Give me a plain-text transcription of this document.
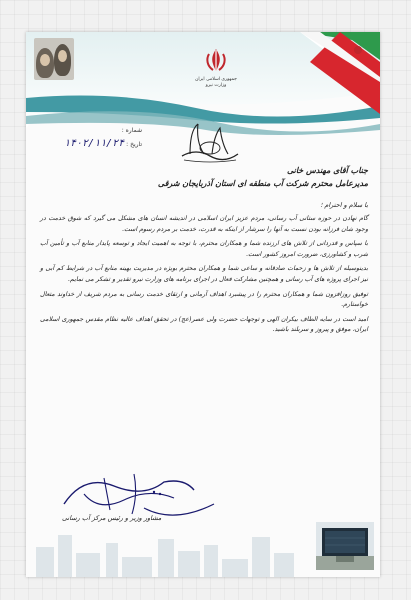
جمهوری اسلامی ایران
وزارت نیرو
شماره :
تاریخ : ۱۴۰۲/۱۱/۲۴
جناب آقای مهندس خانی
مدیرعامل محترم شرکت آب منطقه ای استان آذربایجان شرقی
با سلام و احترام ؛
گام نهادن در حوزه ستانی آب رسانی، مردم عزیز ایران اسلامی در اندیشه انسان های مشکل می گیرد که شوق خدمت در وجود شان فرزانه بودن نسبت به آنها را سرشار از اینکه به قدرت، خدمت بر مردم رسوم است.
با سپاس و قدردانی از تلاش های ارزنده شما و همکاران محترم، با توجه به اهمیت ایجاد و توسعه پایدار منابع آب و تأمین آب شرب و کشاورزی، ضرورت امروز کشور است.
بدینوسیله از تلاش ها و زحمات صادقانه و ساعی شما و همکاران محترم بویژه در مدیریت بهینه منابع آب در شرایط کم آبی و نیز اجرای پروژه های آب رسانی و همچنین مشارکت فعال در اجرای برنامه های وزارت نیرو تقدیر و تشکر می نمایم.
توفیق روزافزون شما و همکاران محترم را در پیشبرد اهداف آرمانی و ارتقای خدمت رسانی به مردم شریف از خداوند متعال خواستارم.
امید است در سایه الطاف بیکران الهی و توجهات حضرت ولی عصر(عج) در تحقق اهداف عالیه نظام مقدس جمهوری اسلامی ایران، موفق و پیروز و سربلند باشید.
مشاور وزیر و رئیس مرکز آب رسانی
